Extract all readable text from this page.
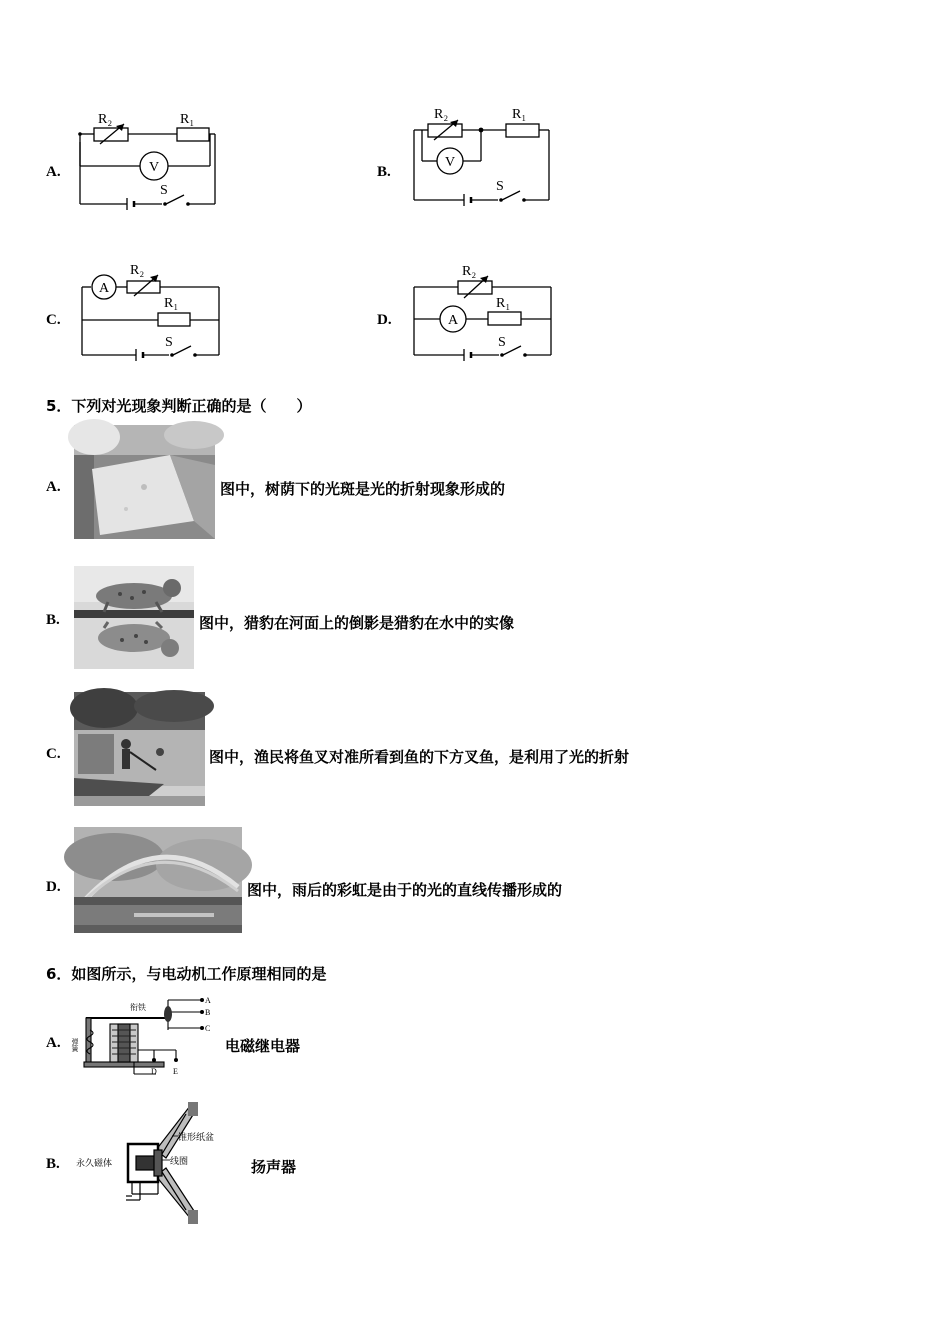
A.
R₂	R₁
V
S
B.
R₂	R₁
V
S
C.
A
R₂
R₁
S
D.
R₂
A
R₁
S
5．下列对光现象判断正确的是（　　）
A.	图中，树荫下的光斑是光的折射现象形成的
B.	图中，猎豹在河面上的倒影是猎豹在水中的实像
C.	图中，渔民将鱼叉对准所看到鱼的下方叉鱼，是利用了光的折射
D.	图中，雨后的彩虹是由于的光的直线传播形成的
6．如图所示，与电动机工作原理相同的是
A.
衔铁
弹簧
A
B
C
D E
电磁继电器
B. 永久磁体
锥形纸盆
线圈	扬声器
